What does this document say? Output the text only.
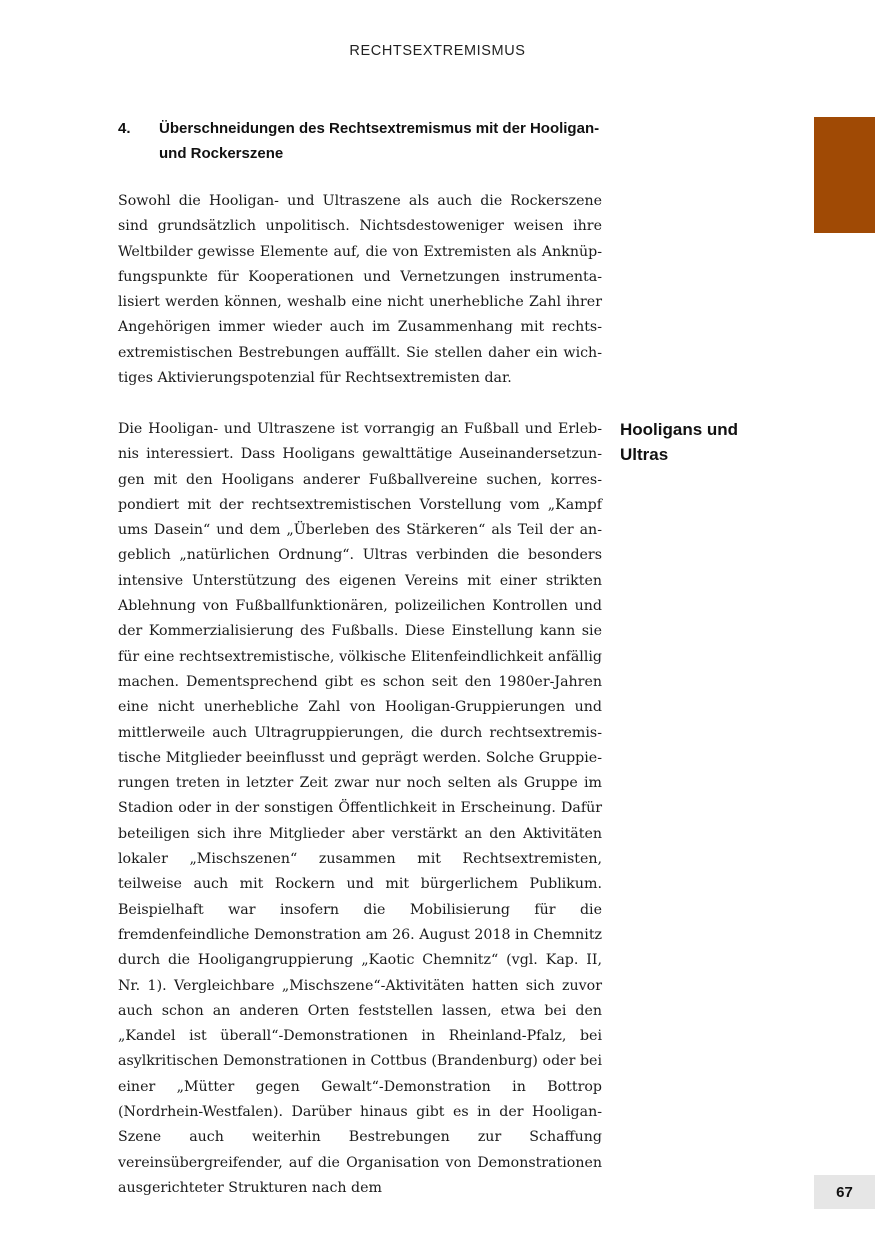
RECHTSEXTREMISMUS
4. Überschneidungen des Rechtsextremismus mit der Hooligan- und Rockerszene

Sowohl die Hooligan- und Ultraszene als auch die Rockerszene sind grundsätzlich unpolitisch. Nichtsdestoweniger weisen ihre Weltbilder gewisse Elemente auf, die von Extremisten als Anknüpfungspunkte für Kooperationen und Vernetzungen instrumentalisiert werden können, weshalb eine nicht unerhebliche Zahl ihrer Angehörigen immer wieder auch im Zusammenhang mit rechtsextremistischen Bestrebungen auffällt. Sie stellen daher ein wichtiges Aktivierungspotenzial für Rechtsextremisten dar.

Hooligans und Ultras

Die Hooligan- und Ultraszene ist vorrangig an Fußball und Erlebnis interessiert. Dass Hooligans gewalttätige Auseinandersetzungen mit den Hooligans anderer Fußballvereine suchen, korrespondiert mit der rechtsextremistischen Vorstellung vom „Kampf ums Dasein“ und dem „Überleben des Stärkeren“ als Teil der angeblich „natürlichen Ordnung“. Ultras verbinden die besonders intensive Unterstützung des eigenen Vereins mit einer strikten Ablehnung von Fußballfunktionären, polizeilichen Kontrollen und der Kommerzialisierung des Fußballs. Diese Einstellung kann sie für eine rechtsextremistische, völkische Elitenfeindlichkeit anfällig machen. Dementsprechend gibt es schon seit den 1980er-Jahren eine nicht unerhebliche Zahl von Hooligan-Gruppierungen und mittlerweile auch Ultragruppierungen, die durch rechtsextremistische Mitglieder beeinflusst und geprägt werden. Solche Gruppierungen treten in letzter Zeit zwar nur noch selten als Gruppe im Stadion oder in der sonstigen Öffentlichkeit in Erscheinung. Dafür beteiligen sich ihre Mitglieder aber verstärkt an den Aktivitäten lokaler „Mischszenen“ zusammen mit Rechtsextremisten, teilweise auch mit Rockern und mit bürgerlichem Publikum. Beispielhaft war insofern die Mobilisierung für die fremdenfeindliche Demonstration am 26. August 2018 in Chemnitz durch die Hooligangruppierung „Kaotic Chemnitz“ (vgl. Kap. II, Nr. 1). Vergleichbare „Mischszene“-Aktivitäten hatten sich zuvor auch schon an anderen Orten feststellen lassen, etwa bei den „Kandel ist überall“-Demonstrationen in Rheinland-Pfalz, bei asylkritischen Demonstrationen in Cottbus (Brandenburg) oder bei einer „Mütter gegen Gewalt“-Demonstration in Bottrop (Nordrhein-Westfalen). Darüber hinaus gibt es in der Hooligan-Szene auch weiterhin Bestrebungen zur Schaffung vereinsübergreifender, auf die Organisation von Demonstrationen ausgerichteter Strukturen nach dem	67
